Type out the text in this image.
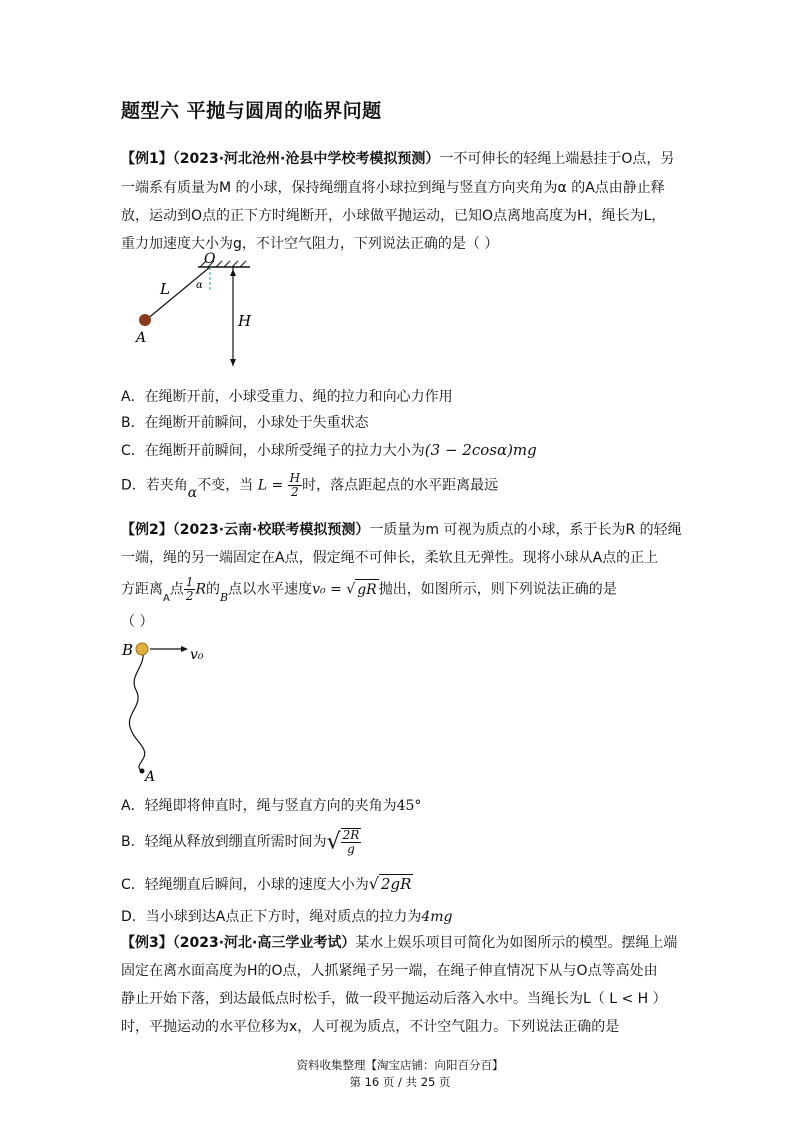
题型六 平抛与圆周的临界问题
【例1】（2023·河北沧州·沧县中学校考模拟预测）一不可伸长的轻绳上端悬挂于O点，另
一端系有质量为M 的小球，保持绳绷直将小球拉到绳与竖直方向夹角为α 的A点由静止释
放，运动到O点的正下方时绳断开，小球做平抛运动，已知O点离地高度为H，绳长为L，
重力加速度大小为g，不计空气阻力，下列说法正确的是（ ）
O
L	α
H
A
A．在绳断开前，小球受重力、绳的拉力和向心力作用
B．在绳断开前瞬间，小球处于失重状态
C．在绳断开前瞬间，小球所受绳子的拉力大小为(3 − 2cosα)mg
D．若夹角α不变，当 $L = \frac{H}{2}$ 时，落点距起点的水平距离最远
【例2】（2023·云南·校联考模拟预测）一质量为m 可视为质点的小球，系于长为R 的轻绳
一端，绳的另一端固定在A点，假定绳不可伸长，柔软且无弹性。现将小球从A点的正上
方距离$_A$点 $\frac{1}{2}$ R的$_B$点以水平速度v₀ = √ gR 抛出，如图所示，则下列说法正确的是
（ ）
B	v₀
A
A．轻绳即将伸直时，绳与竖直方向的夹角为45°
B．轻绳从释放到绷直所需时间为√ $\frac{2R}{g}$
C．轻绳绷直后瞬间，小球的速度大小为√ 2gR
D．当小球到达A点正下方时，绳对质点的拉力为4mg
【例3】（2023·河北·高三学业考试）某水上娱乐项目可简化为如图所示的模型。摆绳上端
固定在离水面高度为H的O点，人抓紧绳子另一端，在绳子伸直情况下从与O点等高处由
静止开始下落，到达最低点时松手，做一段平抛运动后落入水中。当绳长为L（ L < H ）
时，平抛运动的水平位移为x，人可视为质点，不计空气阻力。下列说法正确的是
资料收集整理【淘宝店铺：向阳百分百】
第 16 页 / 共 25 页
